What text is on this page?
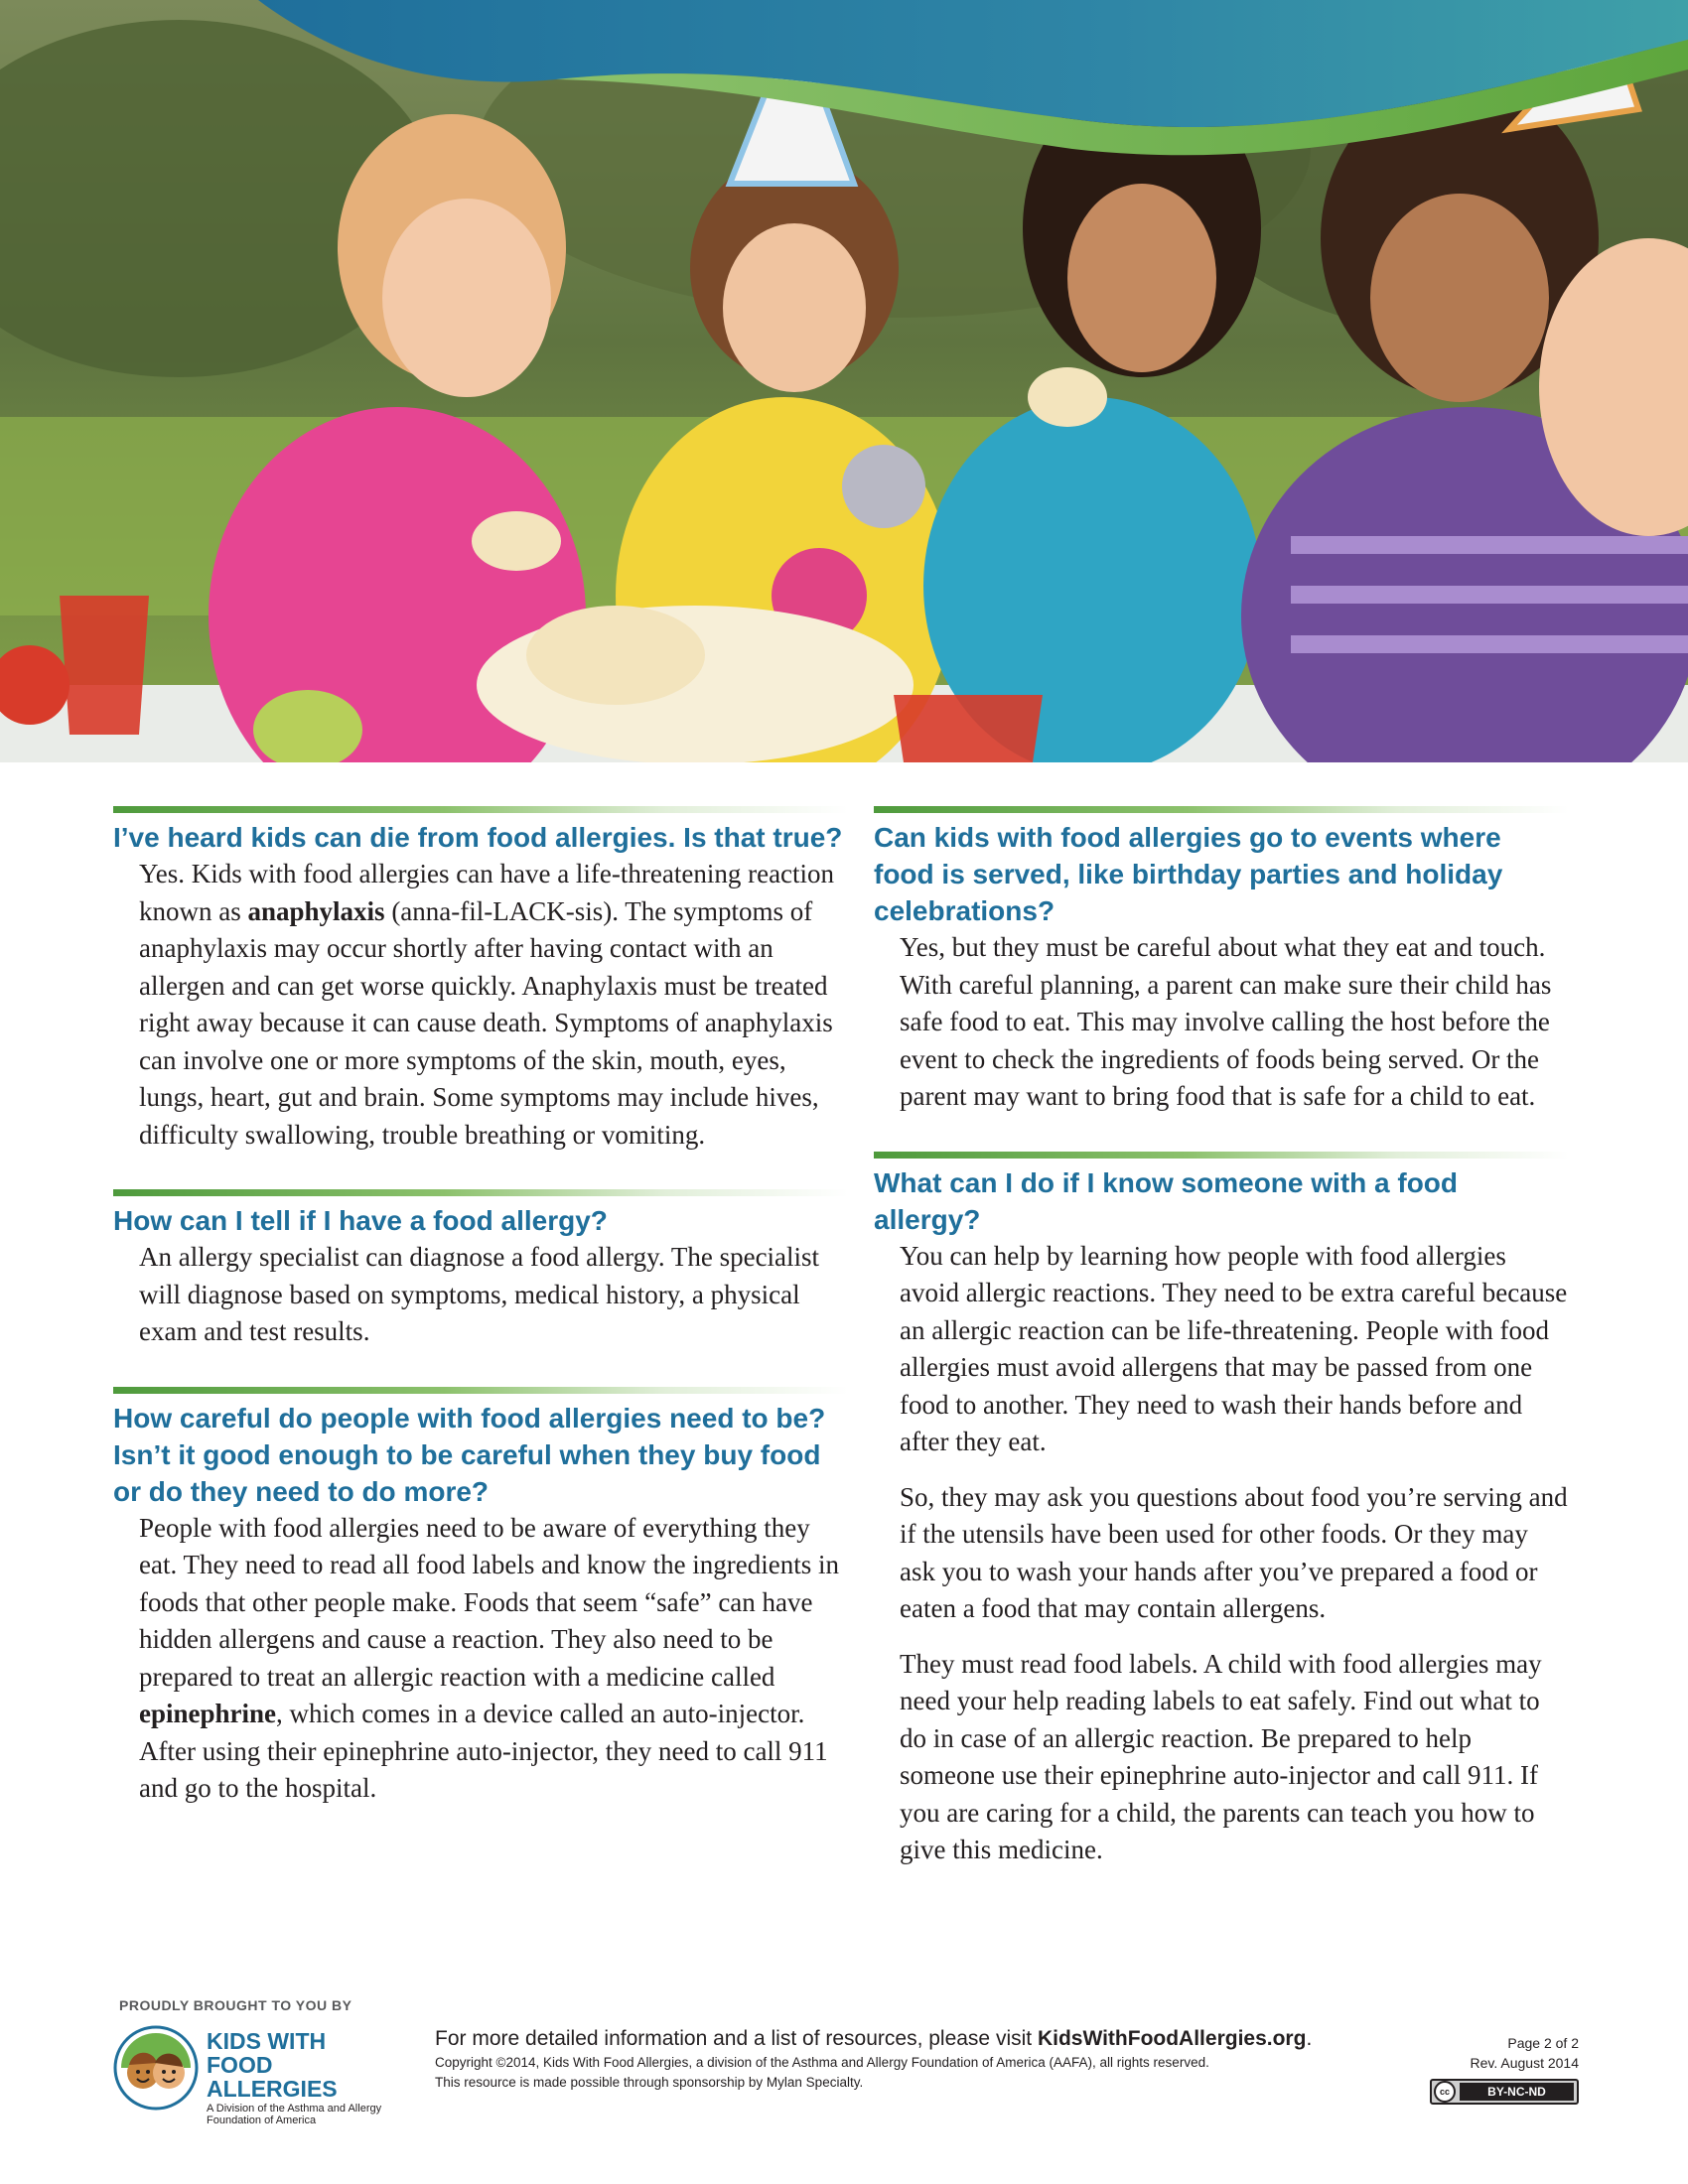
I’ve heard kids can die from food allergies. Is that true?

Yes. Kids with food allergies can have a life-threatening reaction known as anaphylaxis (anna-fil-LACK-sis). The symptoms of anaphylaxis may occur shortly after having contact with an allergen and can get worse quickly. Anaphylaxis must be treated right away because it can cause death. Symptoms of anaphylaxis can involve one or more symptoms of the skin, mouth, eyes, lungs, heart, gut and brain. Some symptoms may include hives, difficulty swallowing, trouble breathing or vomiting.

How can I tell if I have a food allergy?

An allergy specialist can diagnose a food allergy. The specialist will diagnose based on symptoms, medical history, a physical exam and test results.

How careful do people with food allergies need to be? Isn’t it good enough to be careful when they buy food or do they need to do more?

People with food allergies need to be aware of everything they eat. They need to read all food labels and know the ingredients in foods that other people make. Foods that seem “safe” can have hidden allergens and cause a reaction. They also need to be prepared to treat an allergic reaction with a medicine called epinephrine, which comes in a device called an auto-injector. After using their epinephrine auto-injector, they need to call 911 and go to the hospital.

Can kids with food allergies go to events where food is served, like birthday parties and holiday celebrations?

Yes, but they must be careful about what they eat and touch. With careful planning, a parent can make sure their child has safe food to eat. This may involve calling the host before the event to check the ingredients of foods being served. Or the parent may want to bring food that is safe for a child to eat.

What can I do if I know someone with a food allergy?

You can help by learning how people with food allergies avoid allergic reactions. They need to be extra careful because an allergic reaction can be life-threatening. People with food allergies must avoid allergens that may be passed from one food to another. They need to wash their hands before and after they eat.

So, they may ask you questions about food you’re serving and if the utensils have been used for other foods. Or they may ask you to wash your hands after you’ve prepared a food or eaten a food that may contain allergens.

They must read food labels. A child with food allergies may need your help reading labels to eat safely. Find out what to do in case of an allergic reaction. Be prepared to help someone use their epinephrine auto-injector and call 911. If you are caring for a child, the parents can teach you how to give this medicine.

PROUDLY BROUGHT TO YOU BY
KIDS WITH FOOD ALLERGIES
A Division of the Asthma and Allergy Foundation of America
For more detailed information and a list of resources, please visit KidsWithFoodAllergies.org.
Copyright ©2014, Kids With Food Allergies, a division of the Asthma and Allergy Foundation of America (AAFA), all rights reserved.
This resource is made possible through sponsorship by Mylan Specialty.
Page 2 of 2
Rev. August 2014
cc	BY-NC-ND
